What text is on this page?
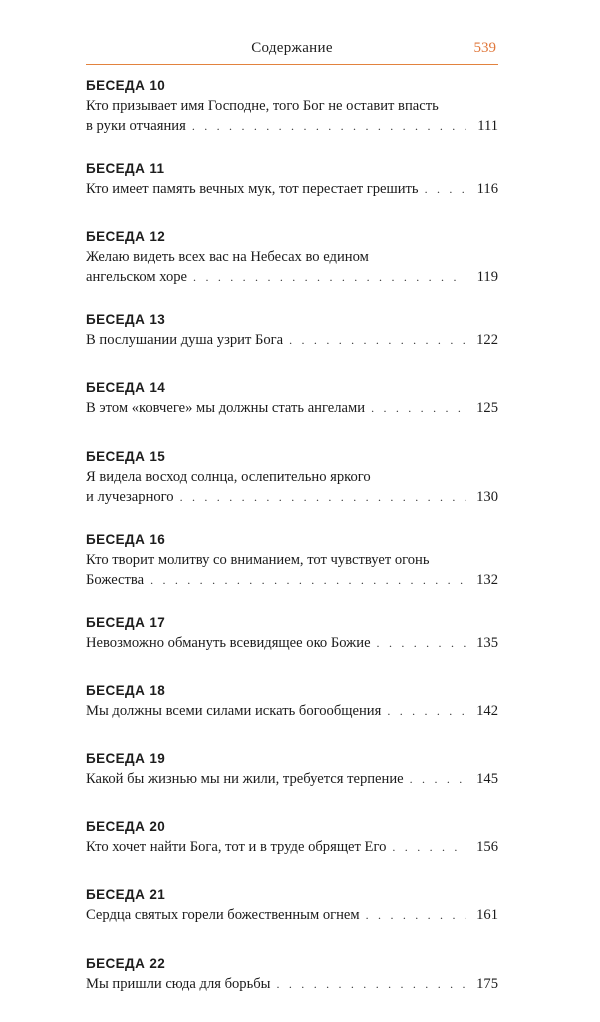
Содержание	539
БЕСЕДА 10
Кто призывает имя Господне, того Бог не оставит впасть
в руки отчаяния . . .	111
БЕСЕДА 11
Кто имеет память вечных мук, тот перестает грешить . . .	116
БЕСЕДА 12
Желаю видеть всех вас на Небесах во едином
ангельском хоре . . .	119
БЕСЕДА 13
В послушании душа узрит Бога . . .	122
БЕСЕДА 14
В этом «ковчеге» мы должны стать ангелами . . .	125
БЕСЕДА 15
Я видела восход солнца, ослепительно яркого
и лучезарного . . .	130
БЕСЕДА 16
Кто творит молитву со вниманием, тот чувствует огонь
Божества . . .	132
БЕСЕДА 17
Невозможно обмануть всевидящее око Божие . . .	135
БЕСЕДА 18
Мы должны всеми силами искать богообщения . . .	142
БЕСЕДА 19
Какой бы жизнью мы ни жили, требуется терпение . . .	145
БЕСЕДА 20
Кто хочет найти Бога, тот и в труде обрящет Его . . .	156
БЕСЕДА 21
Сердца святых горели божественным огнем . . .	161
БЕСЕДА 22
Мы пришли сюда для борьбы . . .	175
